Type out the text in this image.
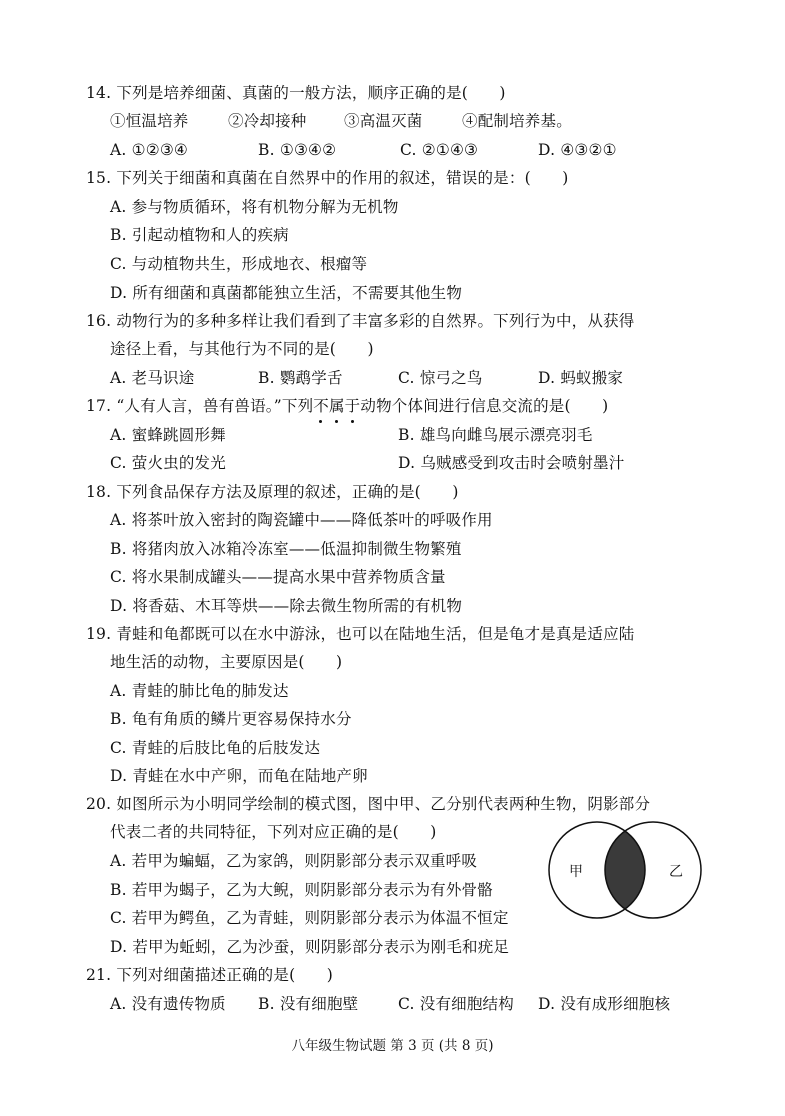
14. 下列是培养细菌、真菌的一般方法，顺序正确的是(　　)
①恒温培养	②冷却接种 ③高温灭菌	④配制培养基。
A. ①②③④	B. ①③④②	C. ②①④③	D. ④③②①
15. 下列关于细菌和真菌在自然界中的作用的叙述，错误的是：(　　)
A. 参与物质循环，将有机物分解为无机物
B. 引起动植物和人的疾病
C. 与动植物共生，形成地衣、根瘤等
D. 所有细菌和真菌都能独立生活，不需要其他生物
16. 动物行为的多种多样让我们看到了丰富多彩的自然界。下列行为中，从获得
途径上看，与其他行为不同的是(　　)
A. 老马识途	B. 鹦鹉学舌	C. 惊弓之鸟	D. 蚂蚁搬家
17. “人有人言，兽有兽语。”下列不属于
动物个体间进行信息交流的是(　　)
A. 蜜蜂跳圆形舞	B. 雄鸟向雌鸟展示漂亮羽毛
C. 萤火虫的发光	D. 乌贼感受到攻击时会喷射墨汁
18. 下列食品保存方法及原理的叙述，正确的是(　　)
A. 将茶叶放入密封的陶瓷罐中——降低茶叶的呼吸作用
B. 将猪肉放入冰箱冷冻室——低温抑制微生物繁殖
C. 将水果制成罐头——提高水果中营养物质含量
D. 将香菇、木耳等烘——除去微生物所需的有机物
19. 青蛙和龟都既可以在水中游泳，也可以在陆地生活，但是龟才是真是适应陆
地生活的动物，主要原因是(　　)
A. 青蛙的肺比龟的肺发达
B. 龟有角质的鳞片更容易保持水分
C. 青蛙的后肢比龟的后肢发达
D. 青蛙在水中产卵，而龟在陆地产卵
20. 如图所示为小明同学绘制的模式图，图中甲、乙分别代表两种生物，阴影部分
代表二者的共同特征，下列对应正确的是(　　)
A. 若甲为蝙蝠，乙为家鸽，则阴影部分表示双重呼吸
B. 若甲为蝎子，乙为大鲵，则阴影部分表示为有外骨骼
C. 若甲为鳄鱼，乙为青蛙，则阴影部分表示为体温不恒定
D. 若甲为蚯蚓，乙为沙蚕，则阴影部分表示为刚毛和疣足
甲	乙
21. 下列对细菌描述正确的是(　　)
A. 没有遗传物质 B. 没有细胞壁	C. 没有细胞结构 D. 没有成形细胞核
八年级生物试题 第 3 页 (共 8 页)
